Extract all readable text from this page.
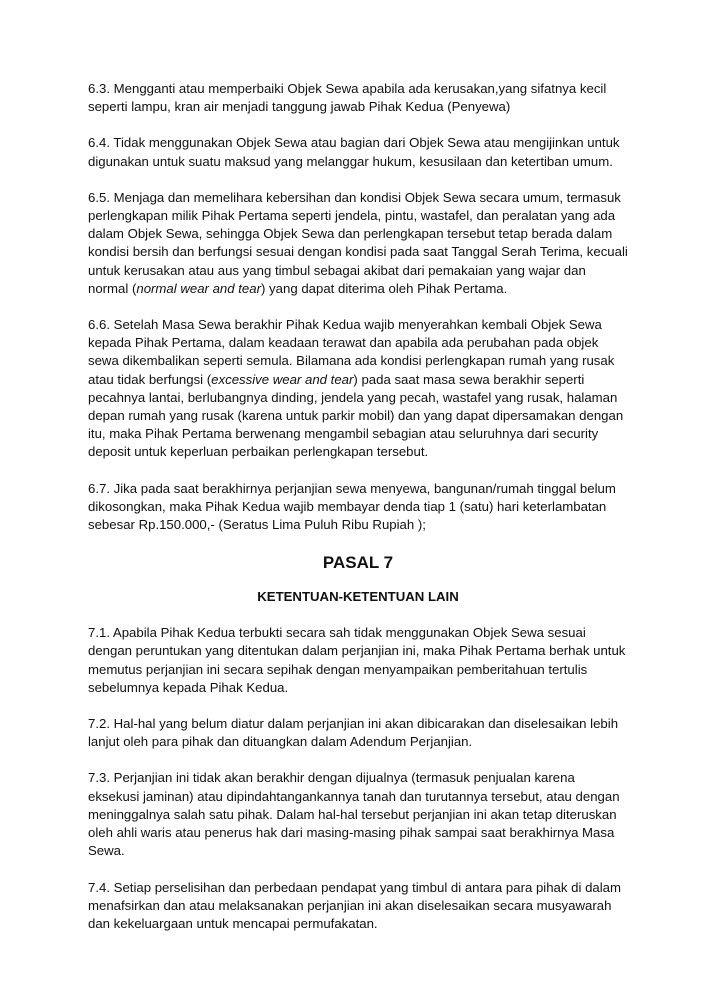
6.3. Mengganti atau memperbaiki Objek Sewa apabila ada kerusakan,yang sifatnya kecil seperti lampu, kran air menjadi tanggung jawab Pihak Kedua (Penyewa)

6.4. Tidak menggunakan Objek Sewa atau bagian dari Objek Sewa atau mengijinkan untuk digunakan untuk suatu maksud yang melanggar hukum, kesusilaan dan ketertiban umum.

6.5. Menjaga dan memelihara kebersihan dan kondisi Objek Sewa secara umum, termasuk perlengkapan milik Pihak Pertama seperti jendela, pintu, wastafel, dan peralatan yang ada dalam Objek Sewa, sehingga Objek Sewa dan perlengkapan tersebut tetap berada dalam kondisi bersih dan berfungsi sesuai dengan kondisi pada saat Tanggal Serah Terima, kecuali untuk kerusakan atau aus yang timbul sebagai akibat dari pemakaian yang wajar dan normal (normal wear and tear) yang dapat diterima oleh Pihak Pertama.

6.6. Setelah Masa Sewa berakhir Pihak Kedua wajib menyerahkan kembali Objek Sewa kepada Pihak Pertama, dalam keadaan terawat dan apabila ada perubahan pada objek sewa dikembalikan seperti semula. Bilamana ada kondisi perlengkapan rumah yang rusak atau tidak berfungsi (excessive wear and tear) pada saat masa sewa berakhir seperti pecahnya lantai, berlubangnya dinding, jendela yang pecah, wastafel yang rusak, halaman depan rumah yang rusak (karena untuk parkir mobil) dan yang dapat dipersamakan dengan itu, maka Pihak Pertama berwenang mengambil sebagian atau seluruhnya dari security deposit untuk keperluan perbaikan perlengkapan tersebut.

6.7. Jika pada saat berakhirnya perjanjian sewa menyewa, bangunan/rumah tinggal belum dikosongkan, maka Pihak Kedua wajib membayar denda tiap 1 (satu) hari keterlambatan sebesar Rp.150.000,- (Seratus Lima Puluh Ribu Rupiah );

PASAL 7
KETENTUAN-KETENTUAN LAIN

7.1. Apabila Pihak Kedua terbukti secara sah tidak menggunakan Objek Sewa sesuai dengan peruntukan yang ditentukan dalam perjanjian ini, maka Pihak Pertama berhak untuk memutus perjanjian ini secara sepihak dengan menyampaikan pemberitahuan tertulis sebelumnya kepada Pihak Kedua.

7.2. Hal-hal yang belum diatur dalam perjanjian ini akan dibicarakan dan diselesaikan lebih lanjut oleh para pihak dan dituangkan dalam Adendum Perjanjian.

7.3. Perjanjian ini tidak akan berakhir dengan dijualnya (termasuk penjualan karena eksekusi jaminan) atau dipindahtangankannya tanah dan turutannya tersebut, atau dengan meninggalnya salah satu pihak. Dalam hal-hal tersebut perjanjian ini akan tetap diteruskan oleh ahli waris atau penerus hak dari masing-masing pihak sampai saat berakhirnya Masa Sewa.

7.4. Setiap perselisihan dan perbedaan pendapat yang timbul di antara para pihak di dalam menafsirkan dan atau melaksanakan perjanjian ini akan diselesaikan secara musyawarah dan kekeluargaan untuk mencapai permufakatan.
